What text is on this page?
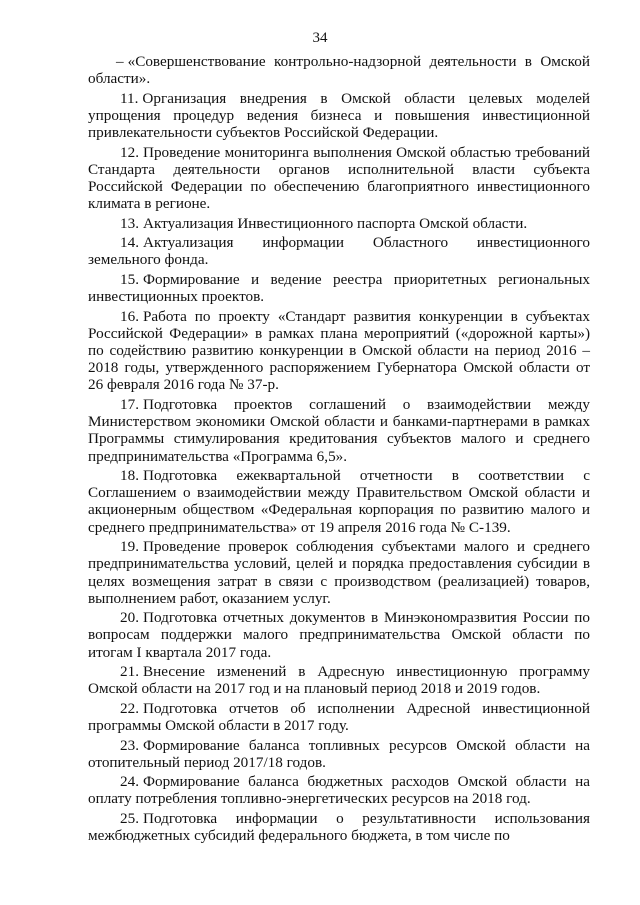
34

– «Совершенствование контрольно-надзорной деятельности в Омской области».

11. Организация внедрения в Омской области целевых моделей упрощения процедур ведения бизнеса и повышения инвестиционной привлекательности субъектов Российской Федерации.

12. Проведение мониторинга выполнения Омской областью требований Стандарта деятельности органов исполнительной власти субъекта Российской Федерации по обеспечению благоприятного инвестиционного климата в регионе.

13. Актуализация Инвестиционного паспорта Омской области.

14. Актуализация информации Областного инвестиционного земельного фонда.

15. Формирование и ведение реестра приоритетных региональных инвестиционных проектов.

16. Работа по проекту «Стандарт развития конкуренции в субъектах Российской Федерации» в рамках плана мероприятий («дорожной карты») по содействию развитию конкуренции в Омской области на период 2016 – 2018 годы, утвержденного распоряжением Губернатора Омской области от 26 февраля 2016 года № 37-р.

17. Подготовка проектов соглашений о взаимодействии между Министерством экономики Омской области и банками-партнерами в рамках Программы стимулирования кредитования субъектов малого и среднего предпринимательства «Программа 6,5».

18. Подготовка ежеквартальной отчетности в соответствии с Соглашением о взаимодействии между Правительством Омской области и акционерным обществом «Федеральная корпорация по развитию малого и среднего предпринимательства» от 19 апреля 2016 года № С-139.

19. Проведение проверок соблюдения субъектами малого и среднего предпринимательства условий, целей и порядка предоставления субсидии в целях возмещения затрат в связи с производством (реализацией) товаров, выполнением работ, оказанием услуг.

20. Подготовка отчетных документов в Минэкономразвития России по вопросам поддержки малого предпринимательства Омской области по итогам I квартала 2017 года.

21. Внесение изменений в Адресную инвестиционную программу Омской области на 2017 год и на плановый период 2018 и 2019 годов.

22. Подготовка отчетов об исполнении Адресной инвестиционной программы Омской области в 2017 году.

23. Формирование баланса топливных ресурсов Омской области на отопительный период 2017/18 годов.

24. Формирование баланса бюджетных расходов Омской области на оплату потребления топливно-энергетических ресурсов на 2018 год.

25. Подготовка информации о результативности использования межбюджетных субсидий федерального бюджета, в том числе по
